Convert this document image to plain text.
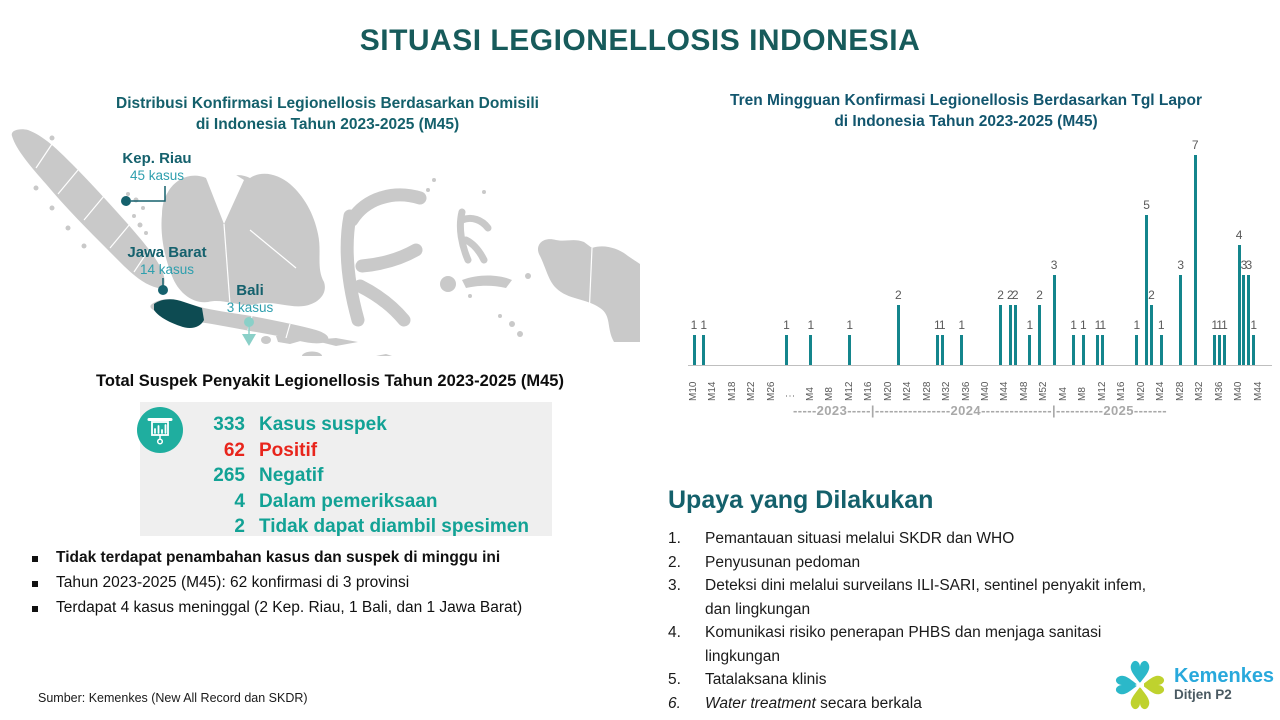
SITUASI LEGIONELLOSIS INDONESIA
Distribusi Konfirmasi Legionellosis Berdasarkan Domisili
di Indonesia Tahun 2023-2025 (M45)
Kep. Riau
45 kasus
Jawa Barat
14 kasus
Bali
3 kasus
Total Suspek Penyakit Legionellosis Tahun 2023-2025 (M45)
333 Kasus suspek
62 Positif
265 Negatif
4 Dalam pemeriksaan
2 Tidak dapat diambil spesimen
Tidak terdapat penambahan kasus dan suspek di minggu ini
Tahun 2023-2025 (M45): 62 konfirmasi di 3 provinsi
Terdapat 4 kasus meninggal (2 Kep. Riau, 1 Bali, dan 1 Jawa Barat)
Tren Mingguan Konfirmasi Legionellosis Berdasarkan Tgl Lapor
di Indonesia Tahun 2023-2025 (M45)
1 1	1 1	1
2
1
1 1
2 2
2
1
2
3
1 1 1
1 1
5
2
1
3
7
1
1
1
4
3
3
1
M10 M14 M18 M22 M26 ⋮ M4 M8 M12 M16 M20 M24 M28 M32 M36 M40 M44 M48 M52 M4 M8 M12 M16 M20 M24 M28 M32 M36 M40 M44
-----2023-----|----------------2024---------------|----------2025-------
Upaya yang Dilakukan
1.	Pemantauan situasi melalui SKDR dan WHO
2.	Penyusunan pedoman
3.	Deteksi dini melalui surveilans ILI-SARI, sentinel penyakit infem,
dan lingkungan
4.	Komunikasi risiko penerapan PHBS dan menjaga sanitasi
lingkungan
5.	Tatalaksana klinis
6.	Water treatment secara berkala
Sumber: Kemenkes (New All Record dan SKDR)
Kemenkes
Ditjen P2
